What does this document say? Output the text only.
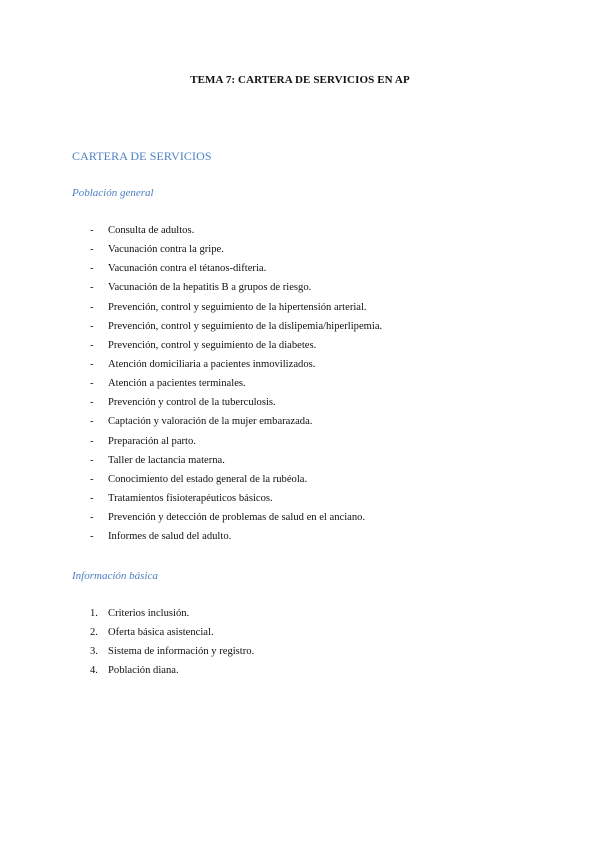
TEMA 7: CARTERA DE SERVICIOS EN AP
CARTERA DE SERVICIOS
Población general
- Consulta de adultos.
- Vacunación contra la gripe.
- Vacunación contra el tétanos-difteria.
- Vacunación de la hepatitis B a grupos de riesgo.
- Prevención, control y seguimiento de la hipertensión arterial.
- Prevención, control y seguimiento de la dislipemia/hiperlipemia.
- Prevención, control y seguimiento de la diabetes.
- Atención domiciliaria a pacientes inmovilizados.
- Atención a pacientes terminales.
- Prevención y control de la tuberculosis.
- Captación y valoración de la mujer embarazada.
- Preparación al parto.
- Taller de lactancia materna.
- Conocimiento del estado general de la rubéola.
- Tratamientos fisioterapéuticos básicos.
- Prevención y detección de problemas de salud en el anciano.
- Informes de salud del adulto.
Información básica
1. Criterios inclusión.
2. Oferta básica asistencial.
3. Sistema de información y registro.
4. Población diana.
